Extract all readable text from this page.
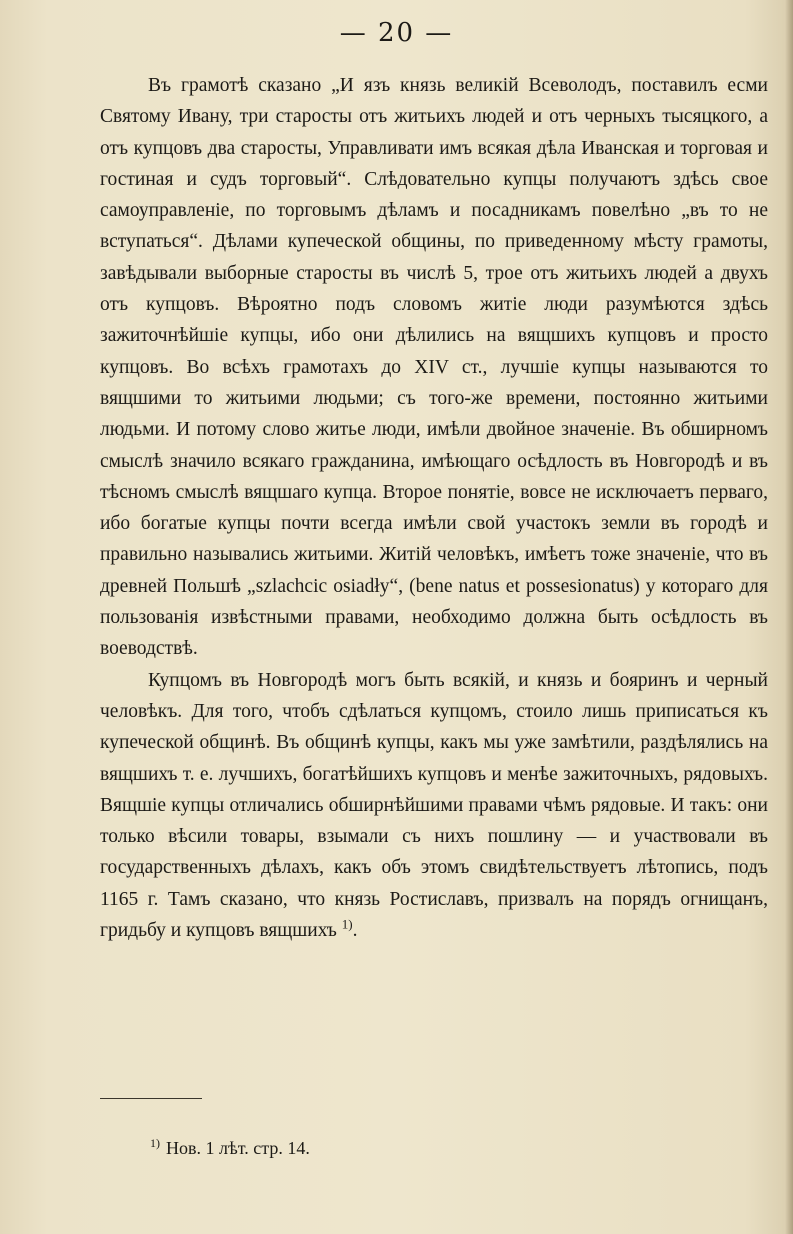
— 20 —

Въ грамотѣ сказано „И язъ князь великій Всеволодъ, поставилъ есми Святому Ивану, три старосты отъ житьихъ людей и отъ черныхъ тысяцкого, а отъ купцовъ два старосты, Управливати имъ всякая дѣла Иванская и торговая и гостиная и судъ торговый“. Слѣдовательно купцы получаютъ здѣсь свое самоуправленіе, по торговымъ дѣламъ и посадникамъ повелѣно „въ то не вступаться“. Дѣлами купеческой общины, по приведенному мѣсту грамоты, завѣдывали выборные старосты въ числѣ 5, трое отъ житьихъ людей а двухъ отъ купцовъ. Вѣроятно подъ словомъ житіе люди разумѣются здѣсь зажиточнѣйшіе купцы, ибо они дѣлились на вящшихъ купцовъ и просто купцовъ. Во всѣхъ грамотахъ до XIV ст., лучшіе купцы называются то вящшими то житьими людьми; съ того-же времени, постоянно житьими людьми. И потому слово житье люди, имѣли двойное значеніе. Въ обширномъ смыслѣ значило всякаго гражданина, имѣющаго осѣдлость въ Новгородѣ и въ тѣсномъ смыслѣ вящшаго купца. Второе понятіе, вовсе не исключаетъ перваго, ибо богатые купцы почти всегда имѣли свой участокъ земли въ городѣ и правильно назывались житьими. Житій человѣкъ, имѣетъ тоже значеніе, что въ древней Польшѣ „szlachcic osiadły“, (bene natus et possesionatus) у котораго для пользованія извѣстными правами, необходимо должна быть осѣдлость въ воеводствѣ.

Купцомъ въ Новгородѣ могъ быть всякій, и князь и бояринъ и черный человѣкъ. Для того, чтобъ сдѣлаться купцомъ, стоило лишь приписаться къ купеческой общинѣ. Въ общинѣ купцы, какъ мы уже замѣтили, раздѣлялись на вящшихъ т. е. лучшихъ, богатѣйшихъ купцовъ и менѣе зажиточныхъ, рядовыхъ. Вящшіе купцы отличались обширнѣйшими правами чѣмъ рядовые. И такъ: они только вѣсили товары, взымали съ нихъ пошлину — и участвовали въ государственныхъ дѣлахъ, какъ объ этомъ свидѣтельствуетъ лѣтопись, подъ 1165 г. Тамъ сказано, что князь Ростиславъ, призвалъ на порядъ огнищанъ, гридьбу и купцовъ вящшихъ $^{1)}$.

$^{1)}$ Нов. 1 лѣт. стр. 14.
